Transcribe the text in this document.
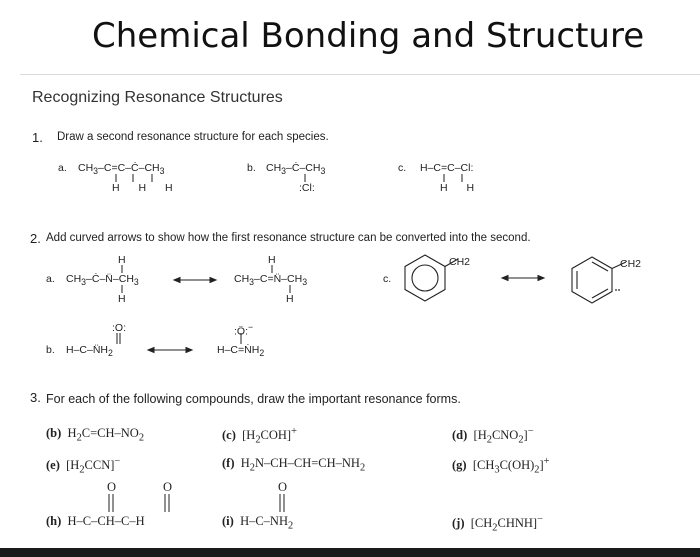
Chemical Bonding and Structure
Recognizing Resonance Structures
1. Draw a second resonance structure for each species.
a. $CH_3-C=C-Ċ-CH_3$
H H H
b. $CH_3-Ċ-CH_3$
:Cl:
c. H–C=C–Cl:
H H
2. Add curved arrows to show how the first resonance structure can be converted into the second.
a.
H
$CH_3-Ċ-N̈-CH_3$
H
H
$CH_3-C=N̈-CH_3$
H
c.
CH2	CH2
:O:
b. $H-C-N̈H_2$
:Ö:−
H–C=ṄH$_2$
3. For each of the following compounds, draw the important resonance forms.
(b)  $H_2C=CH-NO_2$	(c)  $[H_2COH]^+$	(d)  $[H_2CNO_2]^-$
(e)  $[H_2CCN]^-$	(f)  $H_2N-CH-CH=CH-NH_2$	(g)  $[CH_3C(OH)_2]^+$
O	O
(h)  H–C–CH–C–H
O
(i)  $H-C-NH_2$	(j)  $[CH_2CHNH]^-$
